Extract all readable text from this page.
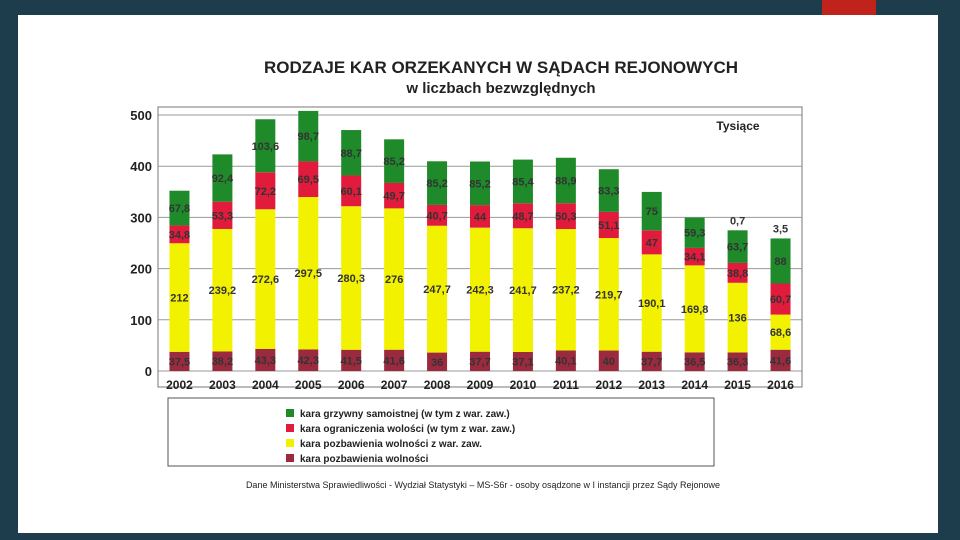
RODZAJE KAR ORZEKANYCH W SĄDACH REJONOWYCH
w liczbach bezwzględnych
0
100
200
300
400
500
37,5
212
34,8
67,8
38,2
239,2
53,3
92,4
43,3
272,6
72,2
103,6
42,3
297,5
69,5
98,7
41,5
280,3
60,1
88,7
41,6
276
49,7
85,2
36
247,7
40,7
85,2
37,7
242,3
44
85,2
37,1
241,7
48,7
85,4
40,1
237,2
50,3
88,9
40
219,7
51,1
83,3
37,7
190,1
47
75
36,5
169,8
34,1
59,3
36,3
136
38,8
63,7
41,6
68,6
60,7
88
0,7
3,5
2002 2003 2004 2005 2006 2007 2008 2009 2010 2011 2012 2013 2014 2015 2016
Tysiące
kara grzywny samoistnej (w tym z war. zaw.)
kara ograniczenia wolości (w tym z war. zaw.)
kara pozbawienia wolności z war. zaw.
kara pozbawienia wolności
Dane Ministerstwa Sprawiedliwości - Wydział Statystyki – MS-S6r - osoby osądzone w I instancji przez Sądy Rejonowe
